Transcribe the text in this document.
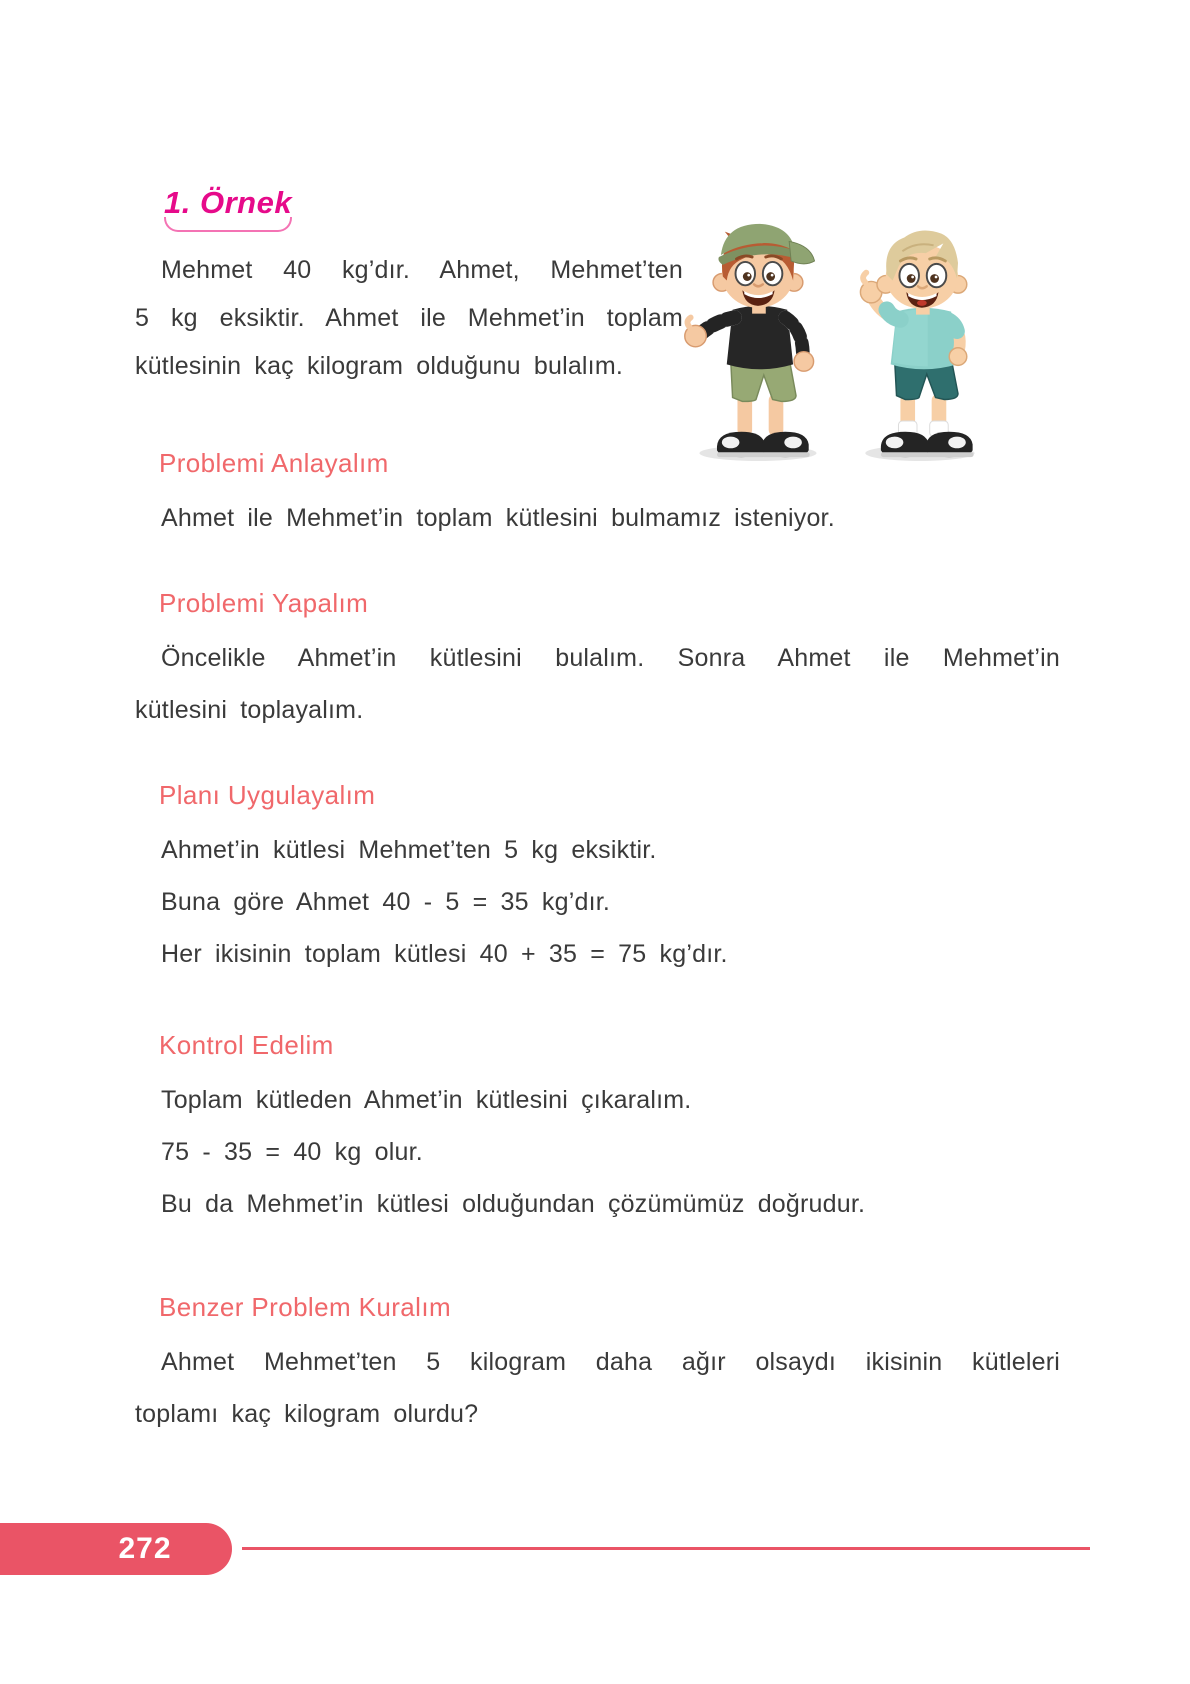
1. Örnek
Mehmet 40 kg’dır. Ahmet, Mehmet’ten
5 kg eksiktir. Ahmet ile Mehmet’in toplam
kütlesinin kaç kilogram olduğunu bulalım.
Problemi Anlayalım
Ahmet ile Mehmet’in toplam kütlesini bulmamız isteniyor.
Problemi Yapalım
Öncelikle Ahmet’in kütlesini bulalım. Sonra Ahmet ile Mehmet’in
kütlesini toplayalım.
Planı Uygulayalım
Ahmet’in kütlesi Mehmet’ten 5 kg eksiktir.
Buna göre Ahmet 40 - 5 = 35 kg’dır.
Her ikisinin toplam kütlesi 40 + 35 = 75 kg’dır.
Kontrol Edelim
Toplam kütleden Ahmet’in kütlesini çıkaralım.
75 - 35 = 40 kg olur.
Bu da Mehmet’in kütlesi olduğundan çözümümüz doğrudur.
Benzer Problem Kuralım
Ahmet Mehmet’ten 5 kilogram daha ağır olsaydı ikisinin kütleleri
toplamı kaç kilogram olurdu?
272
